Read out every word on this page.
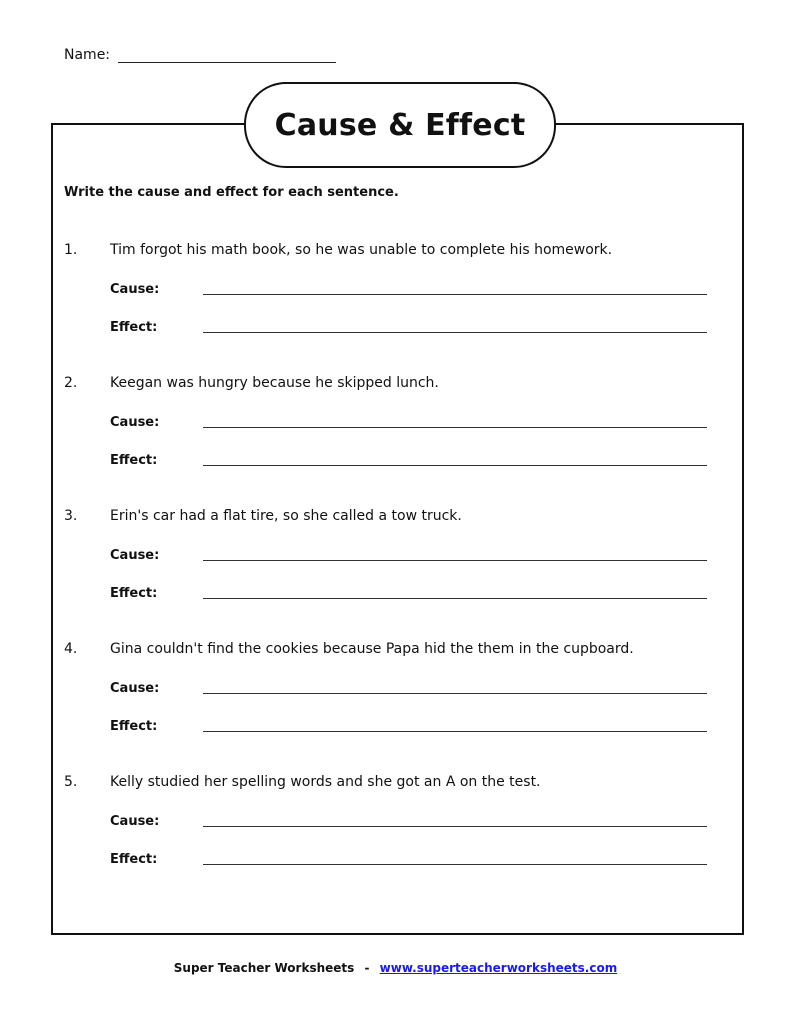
Name:
Cause & Effect
Write the cause and effect for each sentence.
1.	Tim forgot his math book, so he was unable to complete his homework.
Cause:
Effect:
2.	Keegan was hungry because he skipped lunch.
Cause:
Effect:
3.	Erin's car had a flat tire, so she called a tow truck.
Cause:
Effect:
4.	Gina couldn't find the cookies because Papa hid the them in the cupboard.
Cause:
Effect:
5.	Kelly studied her spelling words and she got an A on the test.
Cause:
Effect:
Super Teacher Worksheets - www.superteacherworksheets.com
